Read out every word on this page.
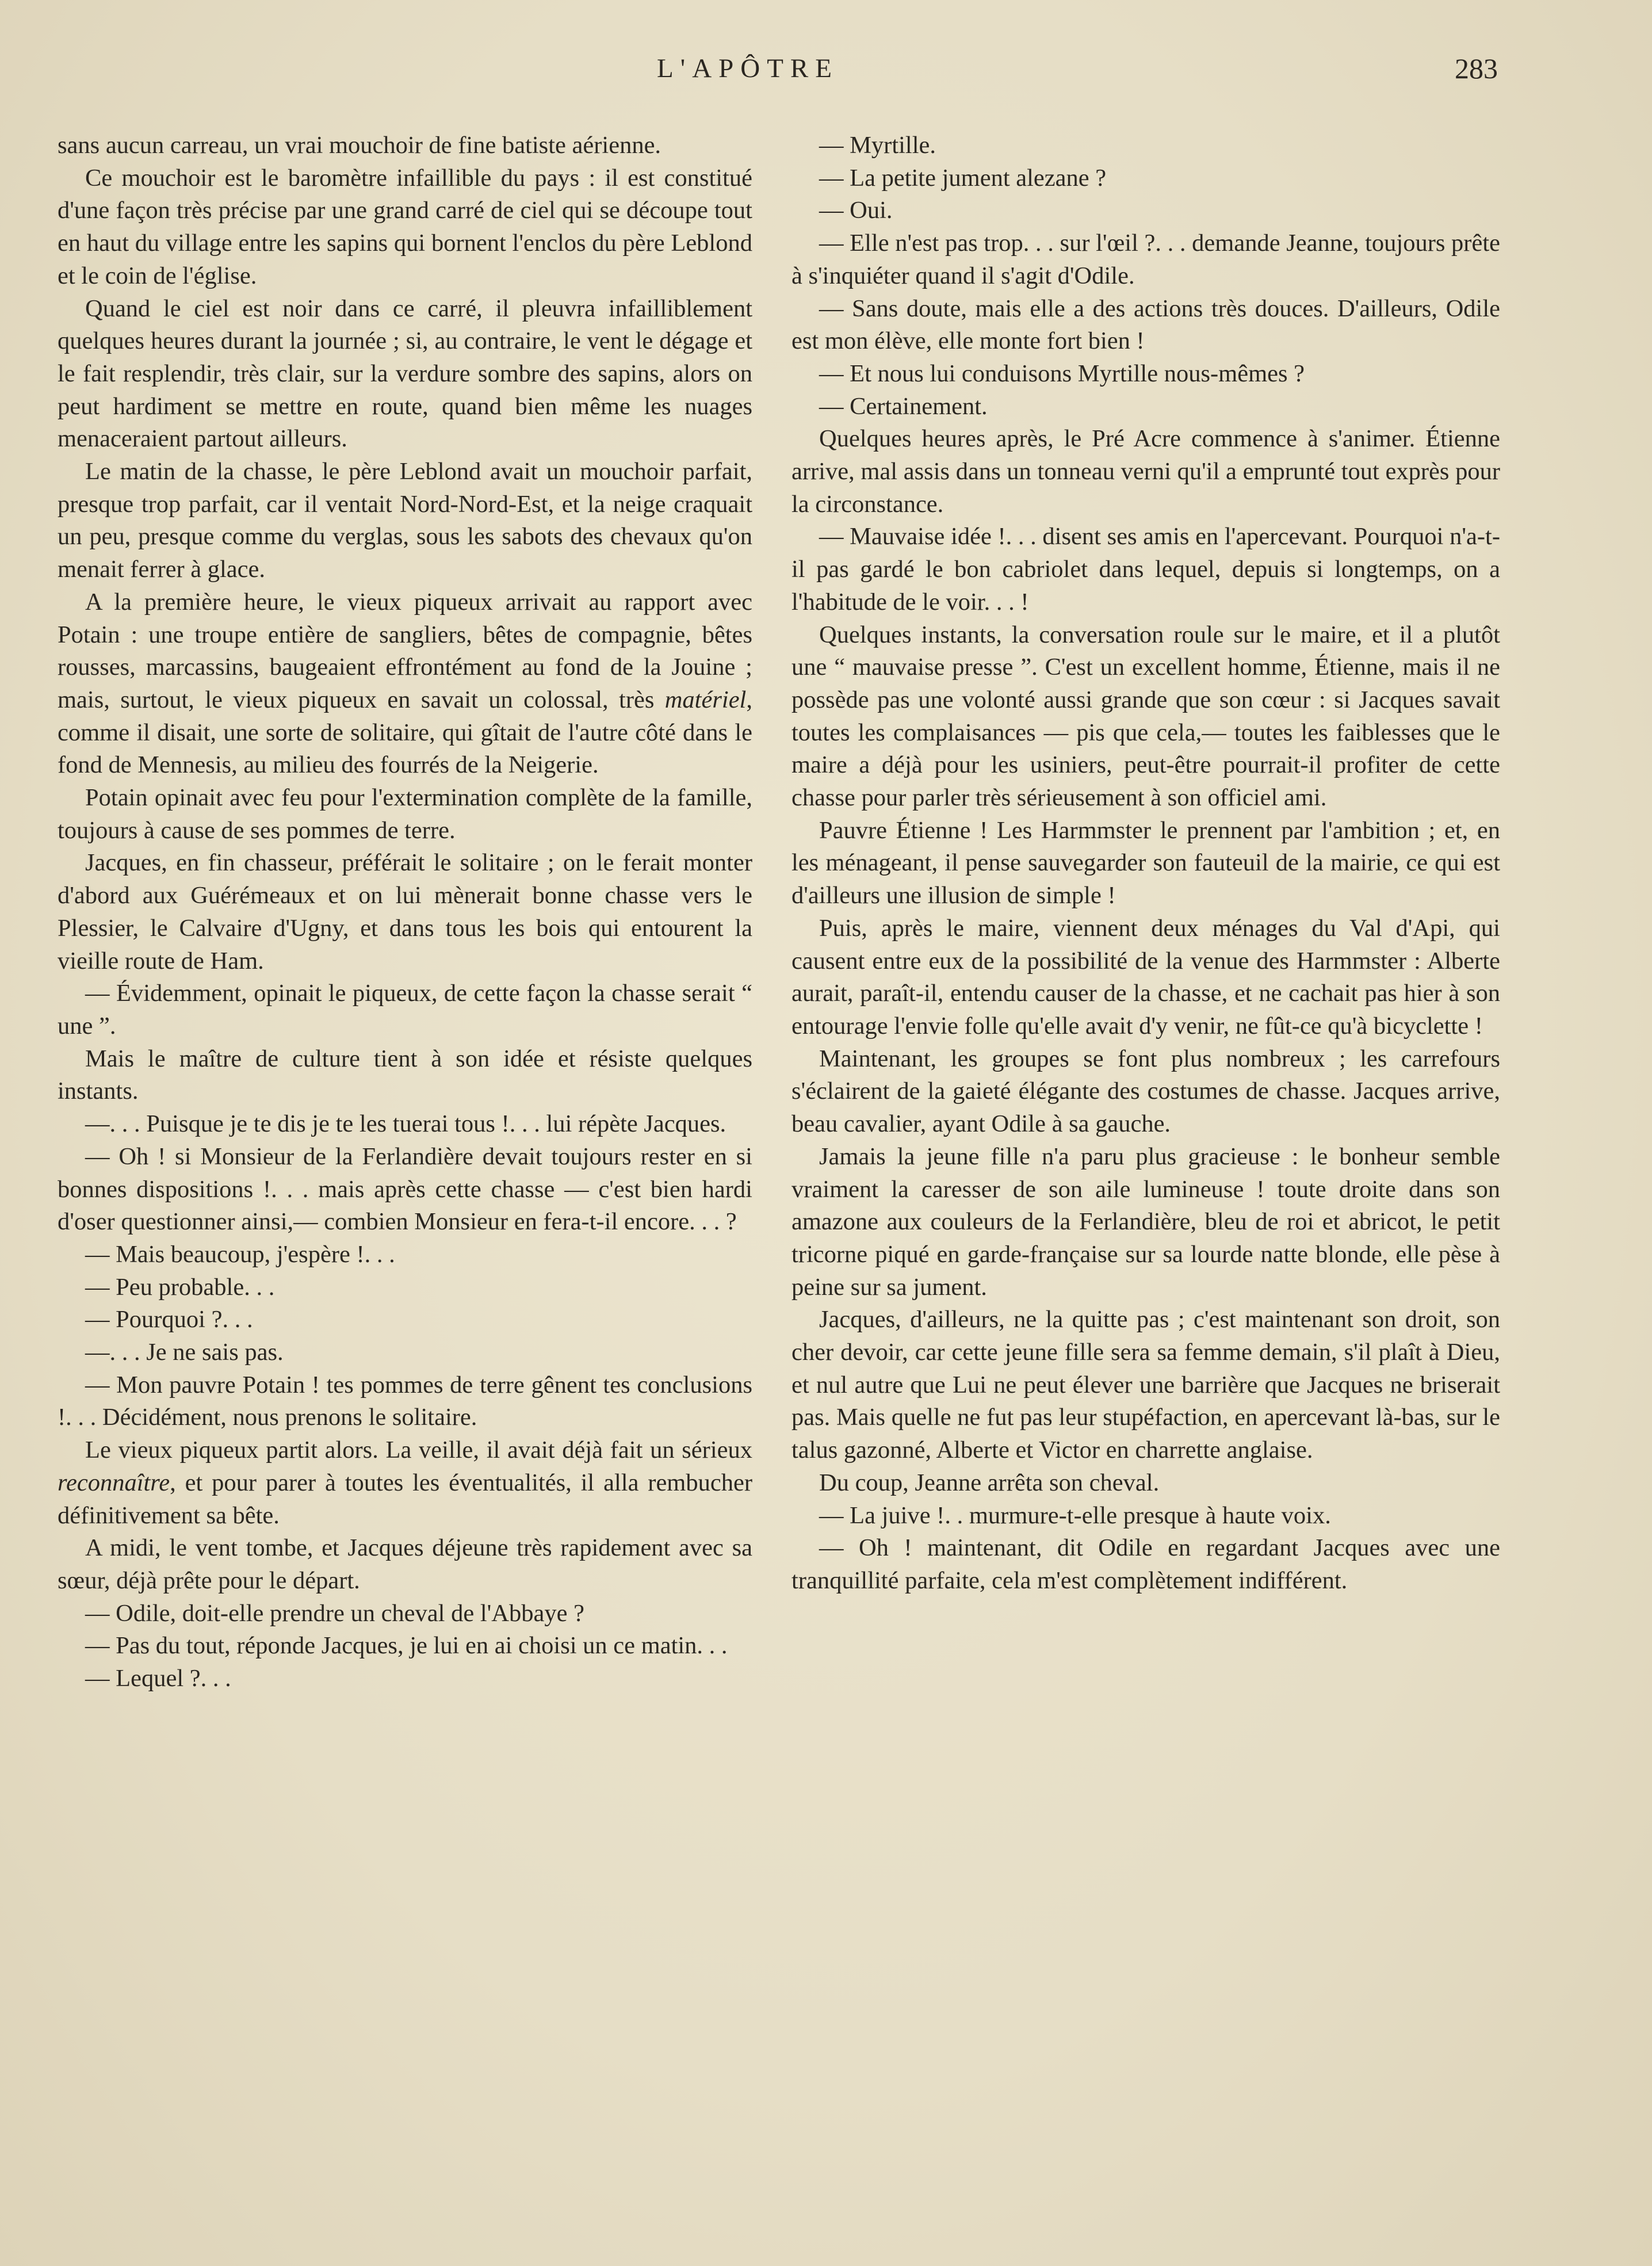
L'APÔTRE	283

sans aucun carreau, un vrai mouchoir de fine batiste aérienne.

Ce mouchoir est le baromètre infaillible du pays : il est constitué d'une façon très précise par une grand carré de ciel qui se découpe tout en haut du village entre les sapins qui bornent l'enclos du père Leblond et le coin de l'église.

Quand le ciel est noir dans ce carré, il pleuvra infailliblement quelques heures durant la journée ; si, au contraire, le vent le dégage et le fait resplendir, très clair, sur la verdure sombre des sapins, alors on peut hardiment se mettre en route, quand bien même les nuages menaceraient partout ailleurs.

Le matin de la chasse, le père Leblond avait un mouchoir parfait, presque trop parfait, car il ventait Nord-Nord-Est, et la neige craquait un peu, presque comme du verglas, sous les sabots des chevaux qu'on menait ferrer à glace.

A la première heure, le vieux piqueux arrivait au rapport avec Potain : une troupe entière de sangliers, bêtes de compagnie, bêtes rousses, marcassins, baugeaient effrontément au fond de la Jouine ; mais, surtout, le vieux piqueux en savait un colossal, très matériel, comme il disait, une sorte de solitaire, qui gîtait de l'autre côté dans le fond de Mennesis, au milieu des fourrés de la Neigerie.

Potain opinait avec feu pour l'extermination complète de la famille, toujours à cause de ses pommes de terre.

Jacques, en fin chasseur, préférait le solitaire ; on le ferait monter d'abord aux Guérémeaux et on lui mènerait bonne chasse vers le Plessier, le Calvaire d'Ugny, et dans tous les bois qui entourent la vieille route de Ham.

— Évidemment, opinait le piqueux, de cette façon la chasse serait “ une ”.

Mais le maître de culture tient à son idée et résiste quelques instants.

—. . . Puisque je te dis je te les tuerai tous !. . . lui répète Jacques.

— Oh ! si Monsieur de la Ferlandière devait toujours rester en si bonnes dispositions !. . . mais après cette chasse — c'est bien hardi d'oser questionner ainsi,— combien Monsieur en fera-t-il encore. . . ?

— Mais beaucoup, j'espère !. . .

— Peu probable. . .

— Pourquoi ?. . .

—. . . Je ne sais pas.

— Mon pauvre Potain ! tes pommes de terre gênent tes conclusions !. . . Décidément, nous prenons le solitaire.

Le vieux piqueux partit alors. La veille, il avait déjà fait un sérieux reconnaître, et pour parer à toutes les éventualités, il alla rembucher définitivement sa bête.

A midi, le vent tombe, et Jacques déjeune très rapidement avec sa sœur, déjà prête pour le départ.

— Odile, doit-elle prendre un cheval de l'Abbaye ?

— Pas du tout, réponde Jacques, je lui en ai choisi un ce matin. . .

— Lequel ?. . .

— Myrtille.

— La petite jument alezane ?

— Oui.

— Elle n'est pas trop. . . sur l'œil ?. . . demande Jeanne, toujours prête à s'inquiéter quand il s'agit d'Odile.

— Sans doute, mais elle a des actions très douces. D'ailleurs, Odile est mon élève, elle monte fort bien !

— Et nous lui conduisons Myrtille nous-mêmes ?

— Certainement.

Quelques heures après, le Pré Acre commence à s'animer. Étienne arrive, mal assis dans un tonneau verni qu'il a emprunté tout exprès pour la circonstance.

— Mauvaise idée !. . . disent ses amis en l'apercevant. Pourquoi n'a-t-il pas gardé le bon cabriolet dans lequel, depuis si longtemps, on a l'habitude de le voir. . . !

Quelques instants, la conversation roule sur le maire, et il a plutôt une “ mauvaise presse ”. C'est un excellent homme, Étienne, mais il ne possède pas une volonté aussi grande que son cœur : si Jacques savait toutes les complaisances — pis que cela,— toutes les faiblesses que le maire a déjà pour les usiniers, peut-être pourrait-il profiter de cette chasse pour parler très sérieusement à son officiel ami.

Pauvre Étienne ! Les Harmmster le prennent par l'ambition ; et, en les ménageant, il pense sauvegarder son fauteuil de la mairie, ce qui est d'ailleurs une illusion de simple !

Puis, après le maire, viennent deux ménages du Val d'Api, qui causent entre eux de la possibilité de la venue des Harmmster : Alberte aurait, paraît-il, entendu causer de la chasse, et ne cachait pas hier à son entourage l'envie folle qu'elle avait d'y venir, ne fût-ce qu'à bicyclette !

Maintenant, les groupes se font plus nombreux ; les carrefours s'éclairent de la gaieté élégante des costumes de chasse. Jacques arrive, beau cavalier, ayant Odile à sa gauche.

Jamais la jeune fille n'a paru plus gracieuse : le bonheur semble vraiment la caresser de son aile lumineuse ! toute droite dans son amazone aux couleurs de la Ferlandière, bleu de roi et abricot, le petit tricorne piqué en garde-française sur sa lourde natte blonde, elle pèse à peine sur sa jument.

Jacques, d'ailleurs, ne la quitte pas ; c'est maintenant son droit, son cher devoir, car cette jeune fille sera sa femme demain, s'il plaît à Dieu, et nul autre que Lui ne peut élever une barrière que Jacques ne briserait pas. Mais quelle ne fut pas leur stupéfaction, en apercevant là-bas, sur le talus gazonné, Alberte et Victor en charrette anglaise.

Du coup, Jeanne arrêta son cheval.

— La juive !. . murmure-t-elle presque à haute voix.

— Oh ! maintenant, dit Odile en regardant Jacques avec une tranquillité parfaite, cela m'est complètement indifférent.
